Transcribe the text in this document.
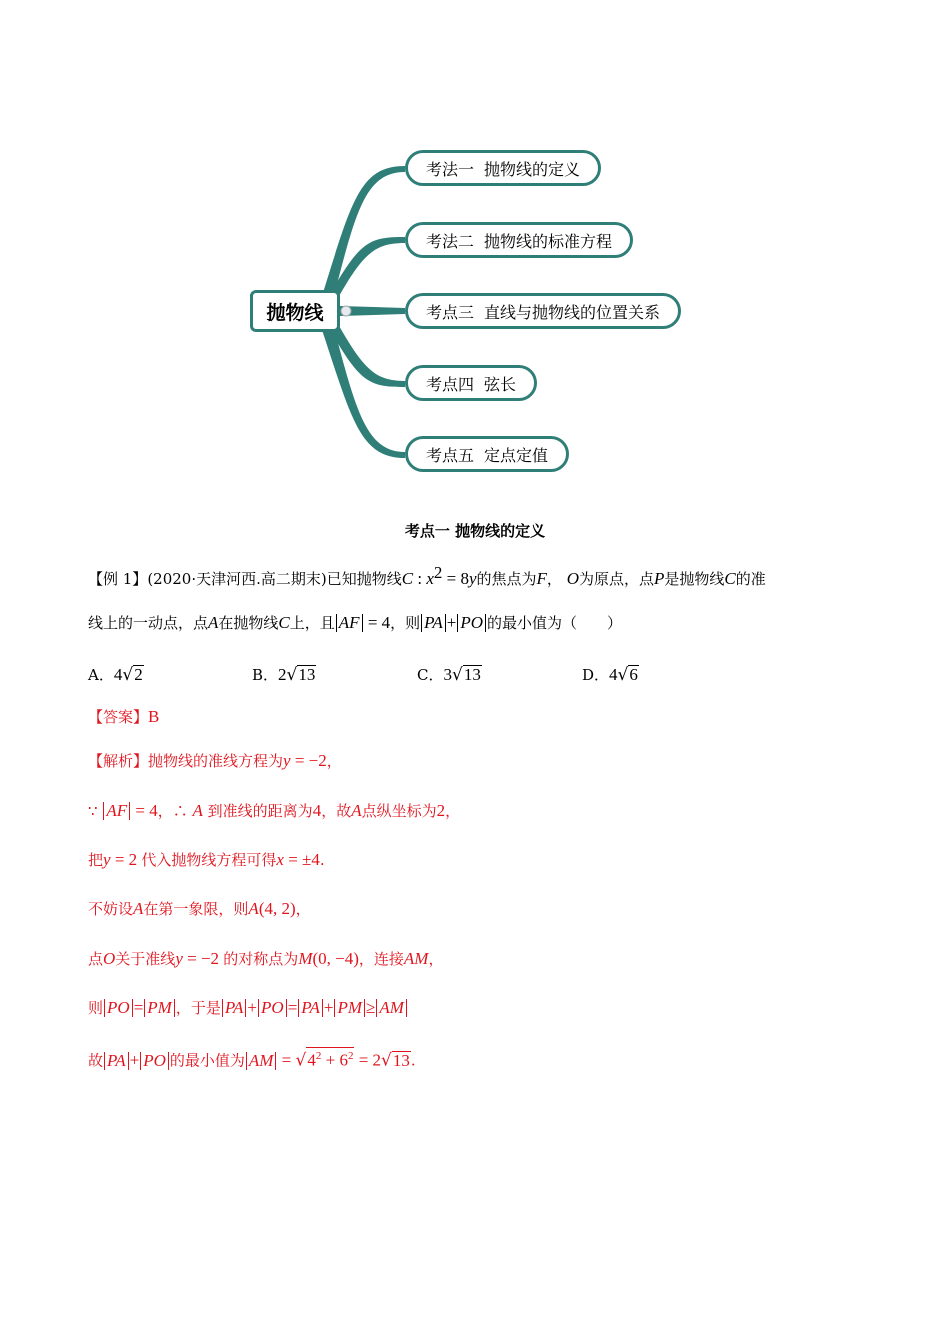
抛物线
考法一 抛物线的定义
考法二 抛物线的标准方程
考点三 直线与抛物线的位置关系
考点四 弦长
考点五 定点定值
考点一 抛物线的定义
【例 1】(2020·天津河西.高二期末)已知抛物线C : $x^2 = 8y$的焦点为F， O为原点，点P是抛物线C的准
线上的一动点，点A在抛物线C上，且 AF = 4，则 PA + PO 的最小值为（　　）
A．4√2	B．2√13	C．3√13	D．4√6
【答案】B
【解析】抛物线的准线方程为y = −2，
∵ AF = 4，∴ A 到准线的距离为4，故A点纵坐标为2，
把y = 2 代入抛物线方程可得x = ±4.
不妨设A在第一象限，则A(4, 2)，
点O关于准线y = −2 的对称点为M(0, −4)，连接AM，
则 PO = PM ，于是 PA + PO = PA + PM ≥ AM
故 PA + PO 的最小值为 AM = $√4^2 + 6^2 = 2√13$.
